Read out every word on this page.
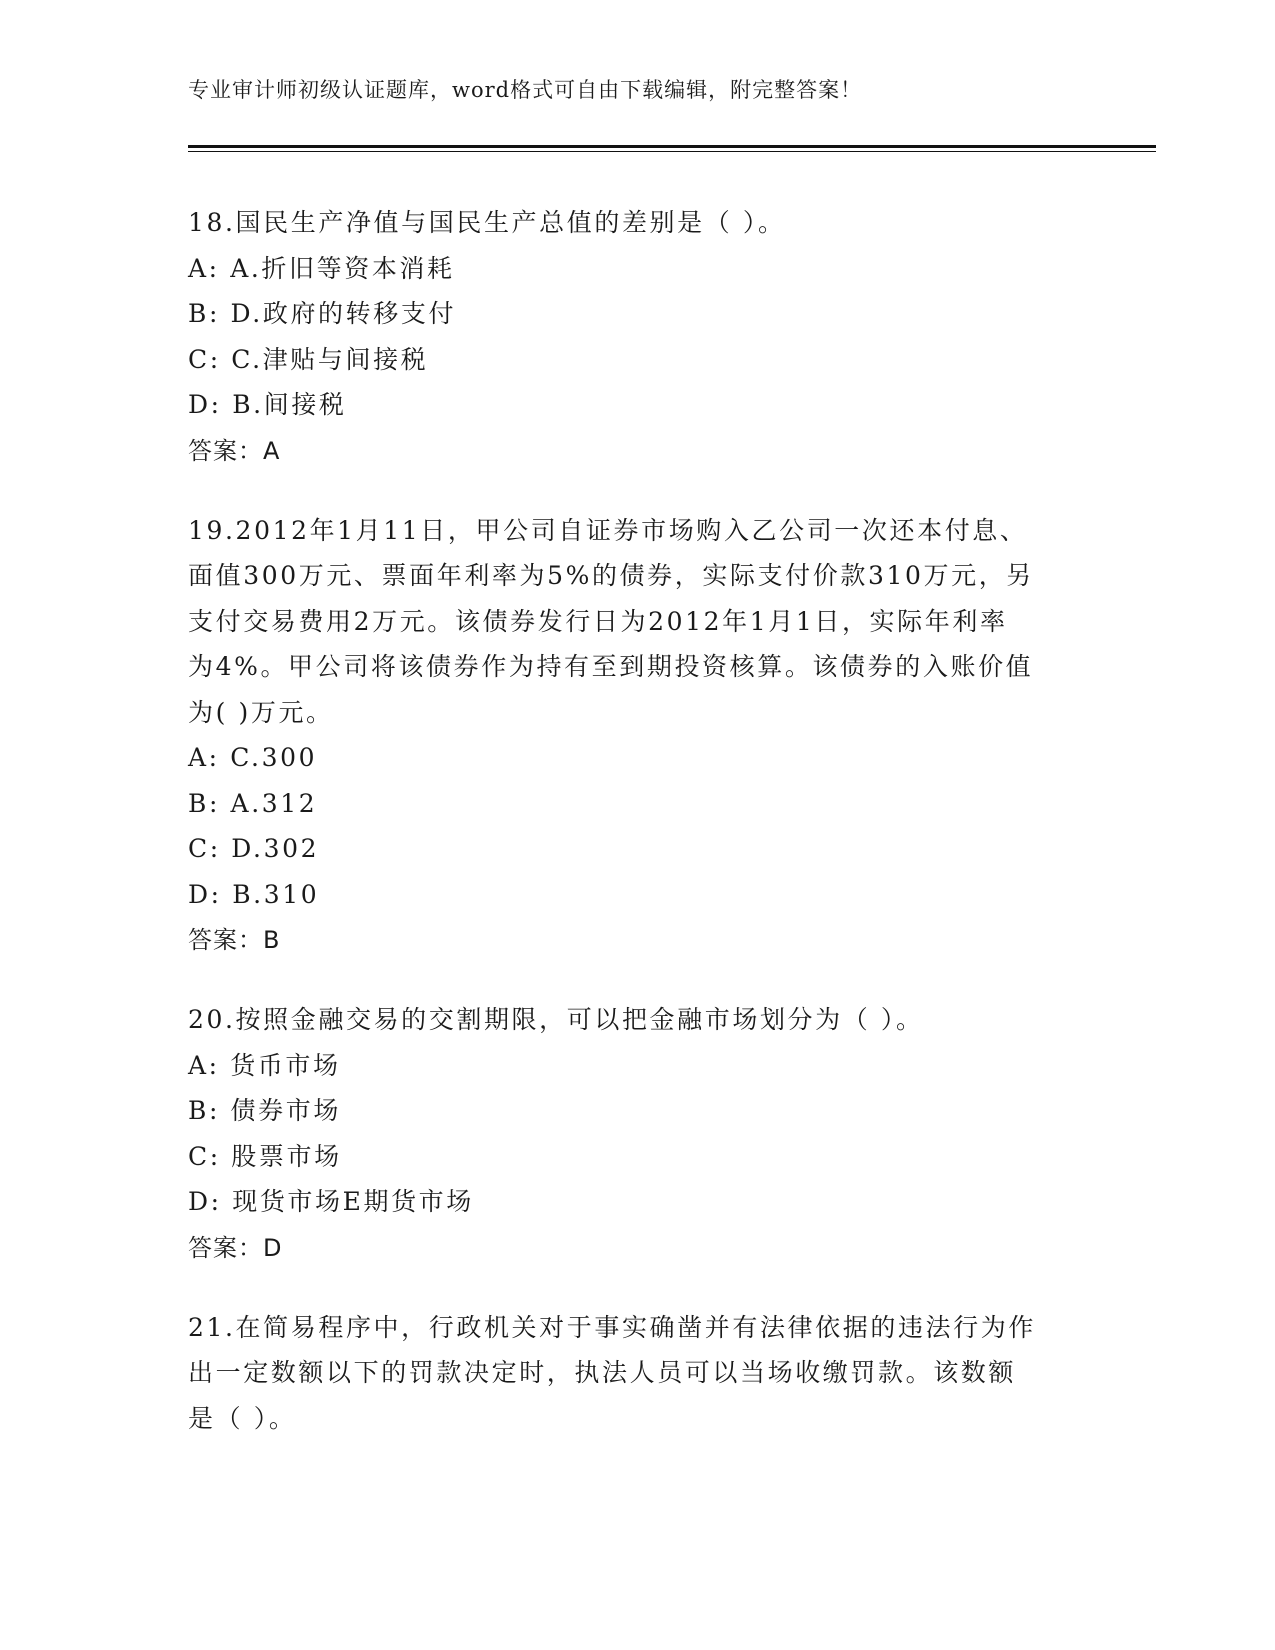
专业审计师初级认证题库，word格式可自由下载编辑，附完整答案！
18.国民生产净值与国民生产总值的差别是（ ）。
A: A.折旧等资本消耗
B: D.政府的转移支付
C: C.津贴与间接税
D: B.间接税
答案：A
19.2012年1月11日，甲公司自证券市场购入乙公司一次还本付息、
面值300万元、票面年利率为5%的债券，实际支付价款310万元，另
支付交易费用2万元。该债券发行日为2012年1月1日，实际年利率
为4%。甲公司将该债券作为持有至到期投资核算。该债券的入账价值
为( )万元。
A: C.300
B: A.312
C: D.302
D: B.310
答案：B
20.按照金融交易的交割期限，可以把金融市场划分为（ ）。
A: 货币市场
B: 债券市场
C: 股票市场
D: 现货市场E期货市场
答案：D
21.在简易程序中，行政机关对于事实确凿并有法律依据的违法行为作
出一定数额以下的罚款决定时，执法人员可以当场收缴罚款。该数额
是（ ）。
